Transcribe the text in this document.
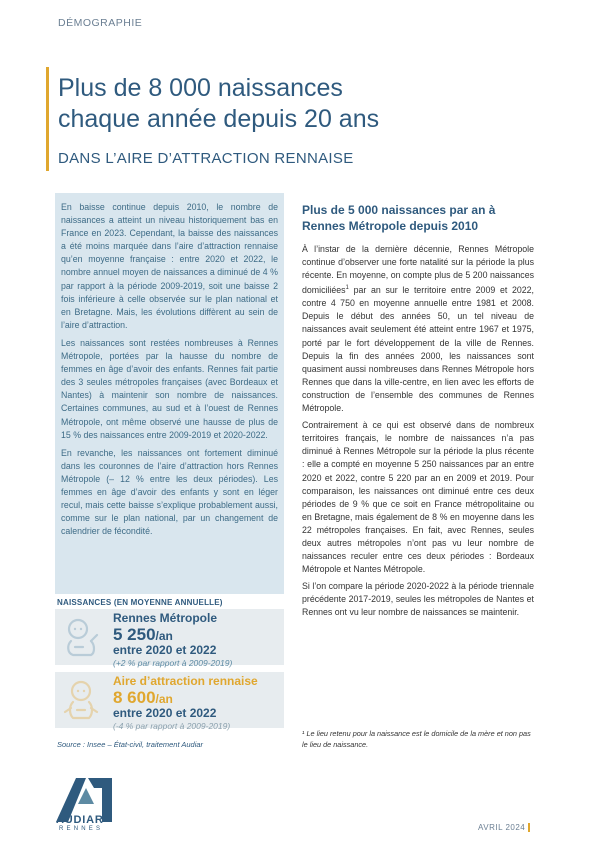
DÉMOGRAPHIE
Plus de 8 000 naissances
chaque année depuis 20 ans
DANS L’AIRE D’ATTRACTION RENNAISE

En baisse continue depuis 2010, le nombre de naissances a atteint un niveau historiquement bas en France en 2023. Cependant, la baisse des naissances a été moins marquée dans l’aire d’attraction rennaise qu’en moyenne française : entre 2020 et 2022, le nombre annuel moyen de naissances a diminué de 4 % par rapport à la période 2009-2019, soit une baisse 2 fois inférieure à celle observée sur le plan national et en Bretagne. Mais, les évolutions diffèrent au sein de l’aire d’attraction.

Les naissances sont restées nombreuses à Rennes Métropole, portées par la hausse du nombre de femmes en âge d’avoir des enfants. Rennes fait partie des 3 seules métropoles françaises (avec Bordeaux et Nantes) à maintenir son nombre de naissances. Certaines communes, au sud et à l’ouest de Rennes Métropole, ont même observé une hausse de plus de 15 % des naissances entre 2009-2019 et 2020-2022.

En revanche, les naissances ont fortement diminué dans les couronnes de l’aire d’attraction hors Rennes Métropole (– 12 % entre les deux périodes). Les femmes en âge d’avoir des enfants y sont en léger recul, mais cette baisse s’explique probablement aussi, comme sur le plan national, par un changement de calendrier de fécondité.

NAISSANCES (EN MOYENNE ANNUELLE)
Rennes Métropole
5 250/an
entre 2020 et 2022
(+2 % par rapport à 2009-2019)
Aire d’attraction rennaise
8 600/an
entre 2020 et 2022
(-4 % par rapport à 2009-2019)
Source : Insee – État-civil, traitement Audiar
Plus de 5 000 naissances par an à Rennes Métropole depuis 2010

À l’instar de la dernière décennie, Rennes Métropole continue d’observer une forte natalité sur la période la plus récente. En moyenne, on compte plus de 5 200 naissances domiciliées$^1$ par an sur le territoire entre 2009 et 2022, contre 4 750 en moyenne annuelle entre 1981 et 2008. Depuis le début des années 50, un tel niveau de naissances avait seulement été atteint entre 1967 et 1975, porté par le fort développement de la ville de Rennes. Depuis la fin des années 2000, les naissances sont quasiment aussi nombreuses dans Rennes Métropole hors Rennes que dans la ville-centre, en lien avec les efforts de construction de l’ensemble des communes de Rennes Métropole.

Contrairement à ce qui est observé dans de nombreux territoires français, le nombre de naissances n’a pas diminué à Rennes Métropole sur la période la plus récente : elle a compté en moyenne 5 250 naissances par an entre 2020 et 2022, contre 5 220 par an en 2009 et 2019. Pour comparaison, les naissances ont diminué entre ces deux périodes de 9 % que ce soit en France métropolitaine ou en Bretagne, mais également de 8 % en moyenne dans les 22 métropoles françaises. En fait, avec Rennes, seules deux autres métropoles n’ont pas vu leur nombre de naissances reculer entre ces deux périodes : Bordeaux Métropole et Nantes Métropole.

Si l’on compare la période 2020-2022 à la période triennale précédente 2017-2019, seules les métropoles de Nantes et Rennes ont vu leur nombre de naissances se maintenir.

¹ Le lieu retenu pour la naissance est le domicile de la mère et non pas le lieu de naissance.
AUDIAR
RENNES	AVRIL 2024
